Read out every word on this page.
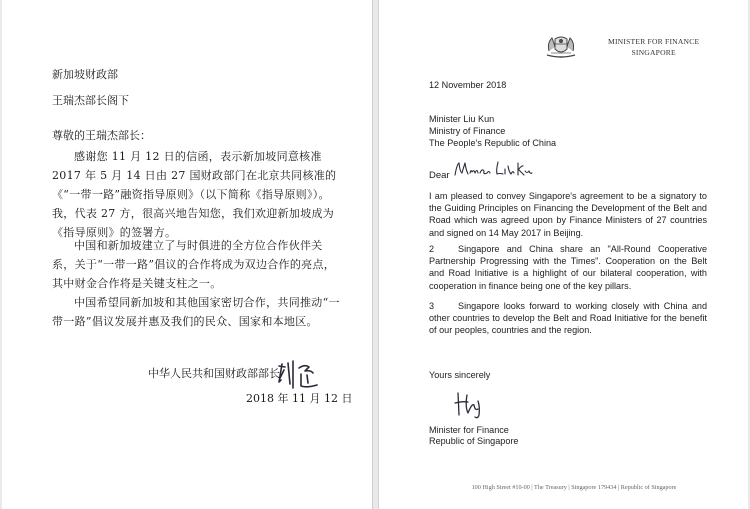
新加坡财政部

王瑞杰部长阁下

尊敬的王瑞杰部长：

感谢您 11 月 12 日的信函，表示新加坡同意核准 2017 年 5 月 14 日由 27 国财政部门在北京共同核准的《“一带一路”融资指导原则》（以下简称《指导原则》）。我，代表 27 方，很高兴地告知您，我们欢迎新加坡成为《指导原则》的签署方。

中国和新加坡建立了与时俱进的全方位合作伙伴关系，关于“一带一路”倡议的合作将成为双边合作的亮点，其中财金合作将是关键支柱之一。

中国希望同新加坡和其他国家密切合作，共同推动“一带一路”倡议发展并惠及我们的民众、国家和本地区。

中华人民共和国财政部部长

2018 年 11 月 12 日

MINISTER FOR FINANCE
SINGAPORE

12 November 2018

Minister Liu Kun

Ministry of Finance

The People's Republic of China

Dear

I am pleased to convey Singapore's agreement to be a signatory to the Guiding Principles on Financing the Development of the Belt and Road which was agreed upon by Finance Ministers of 27 countries and signed on 14 May 2017 in Beijing.

2	Singapore and China share an "All-Round Cooperative Partnership Progressing with the Times". Cooperation on the Belt and Road Initiative is a highlight of our bilateral cooperation, with cooperation in finance being one of the key pillars.

3	Singapore looks forward to working closely with China and other countries to develop the Belt and Road Initiative for the benefit of our peoples, countries and the region.

Yours sincerely

Minister for Finance

Republic of Singapore

100 High Street #10-00 | The Treasury | Singapore 179434 | Republic of Singapore
